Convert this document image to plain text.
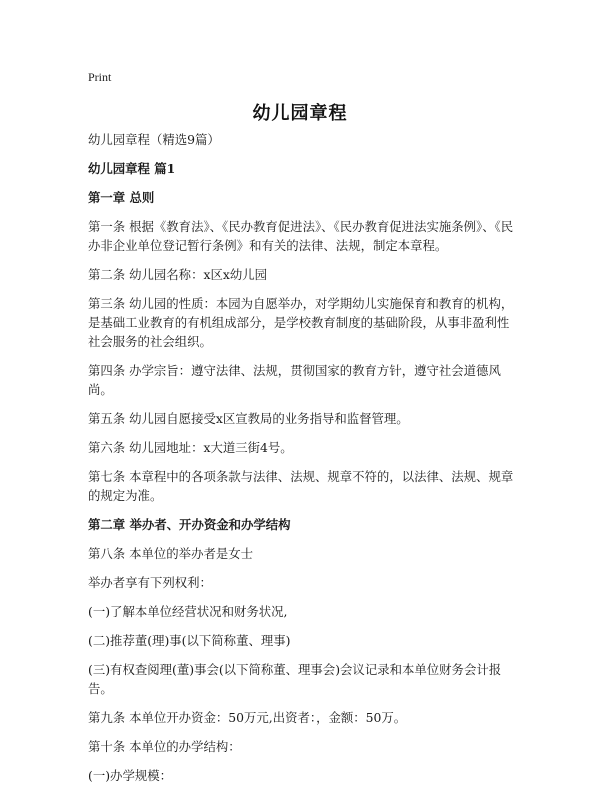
Print
幼儿园章程

幼儿园章程（精选9篇）

幼儿园章程 篇1

第一章 总则

第一条 根据《教育法》、《民办教育促进法》、《民办教育促进法实施条例》、《民办非企业单位登记暂行条例》和有关的法律、法规，制定本章程。

第二条 幼儿园名称：x区x幼儿园

第三条 幼儿园的性质：本园为自愿举办，对学期幼儿实施保育和教育的机构，是基础工业教育的有机组成部分，是学校教育制度的基础阶段，从事非盈利性社会服务的社会组织。

第四条 办学宗旨：遵守法律、法规，贯彻国家的教育方针，遵守社会道德风尚。

第五条 幼儿园自愿接受x区宣教局的业务指导和监督管理。

第六条 幼儿园地址：x大道三街4号。

第七条 本章程中的各项条款与法律、法规、规章不符的，以法律、法规、规章的规定为准。

第二章 举办者、开办资金和办学结构

第八条 本单位的举办者是女士

举办者享有下列权利：

(一)了解本单位经营状况和财务状况,

(二)推荐董(理)事(以下简称董、理事)

(三)有权查阅理(董)事会(以下简称董、理事会)会议记录和本单位财务会计报告。

第九条 本单位开办资金：50万元,出资者：，金额：50万。

第十条 本单位的办学结构：

(一)办学规模：
